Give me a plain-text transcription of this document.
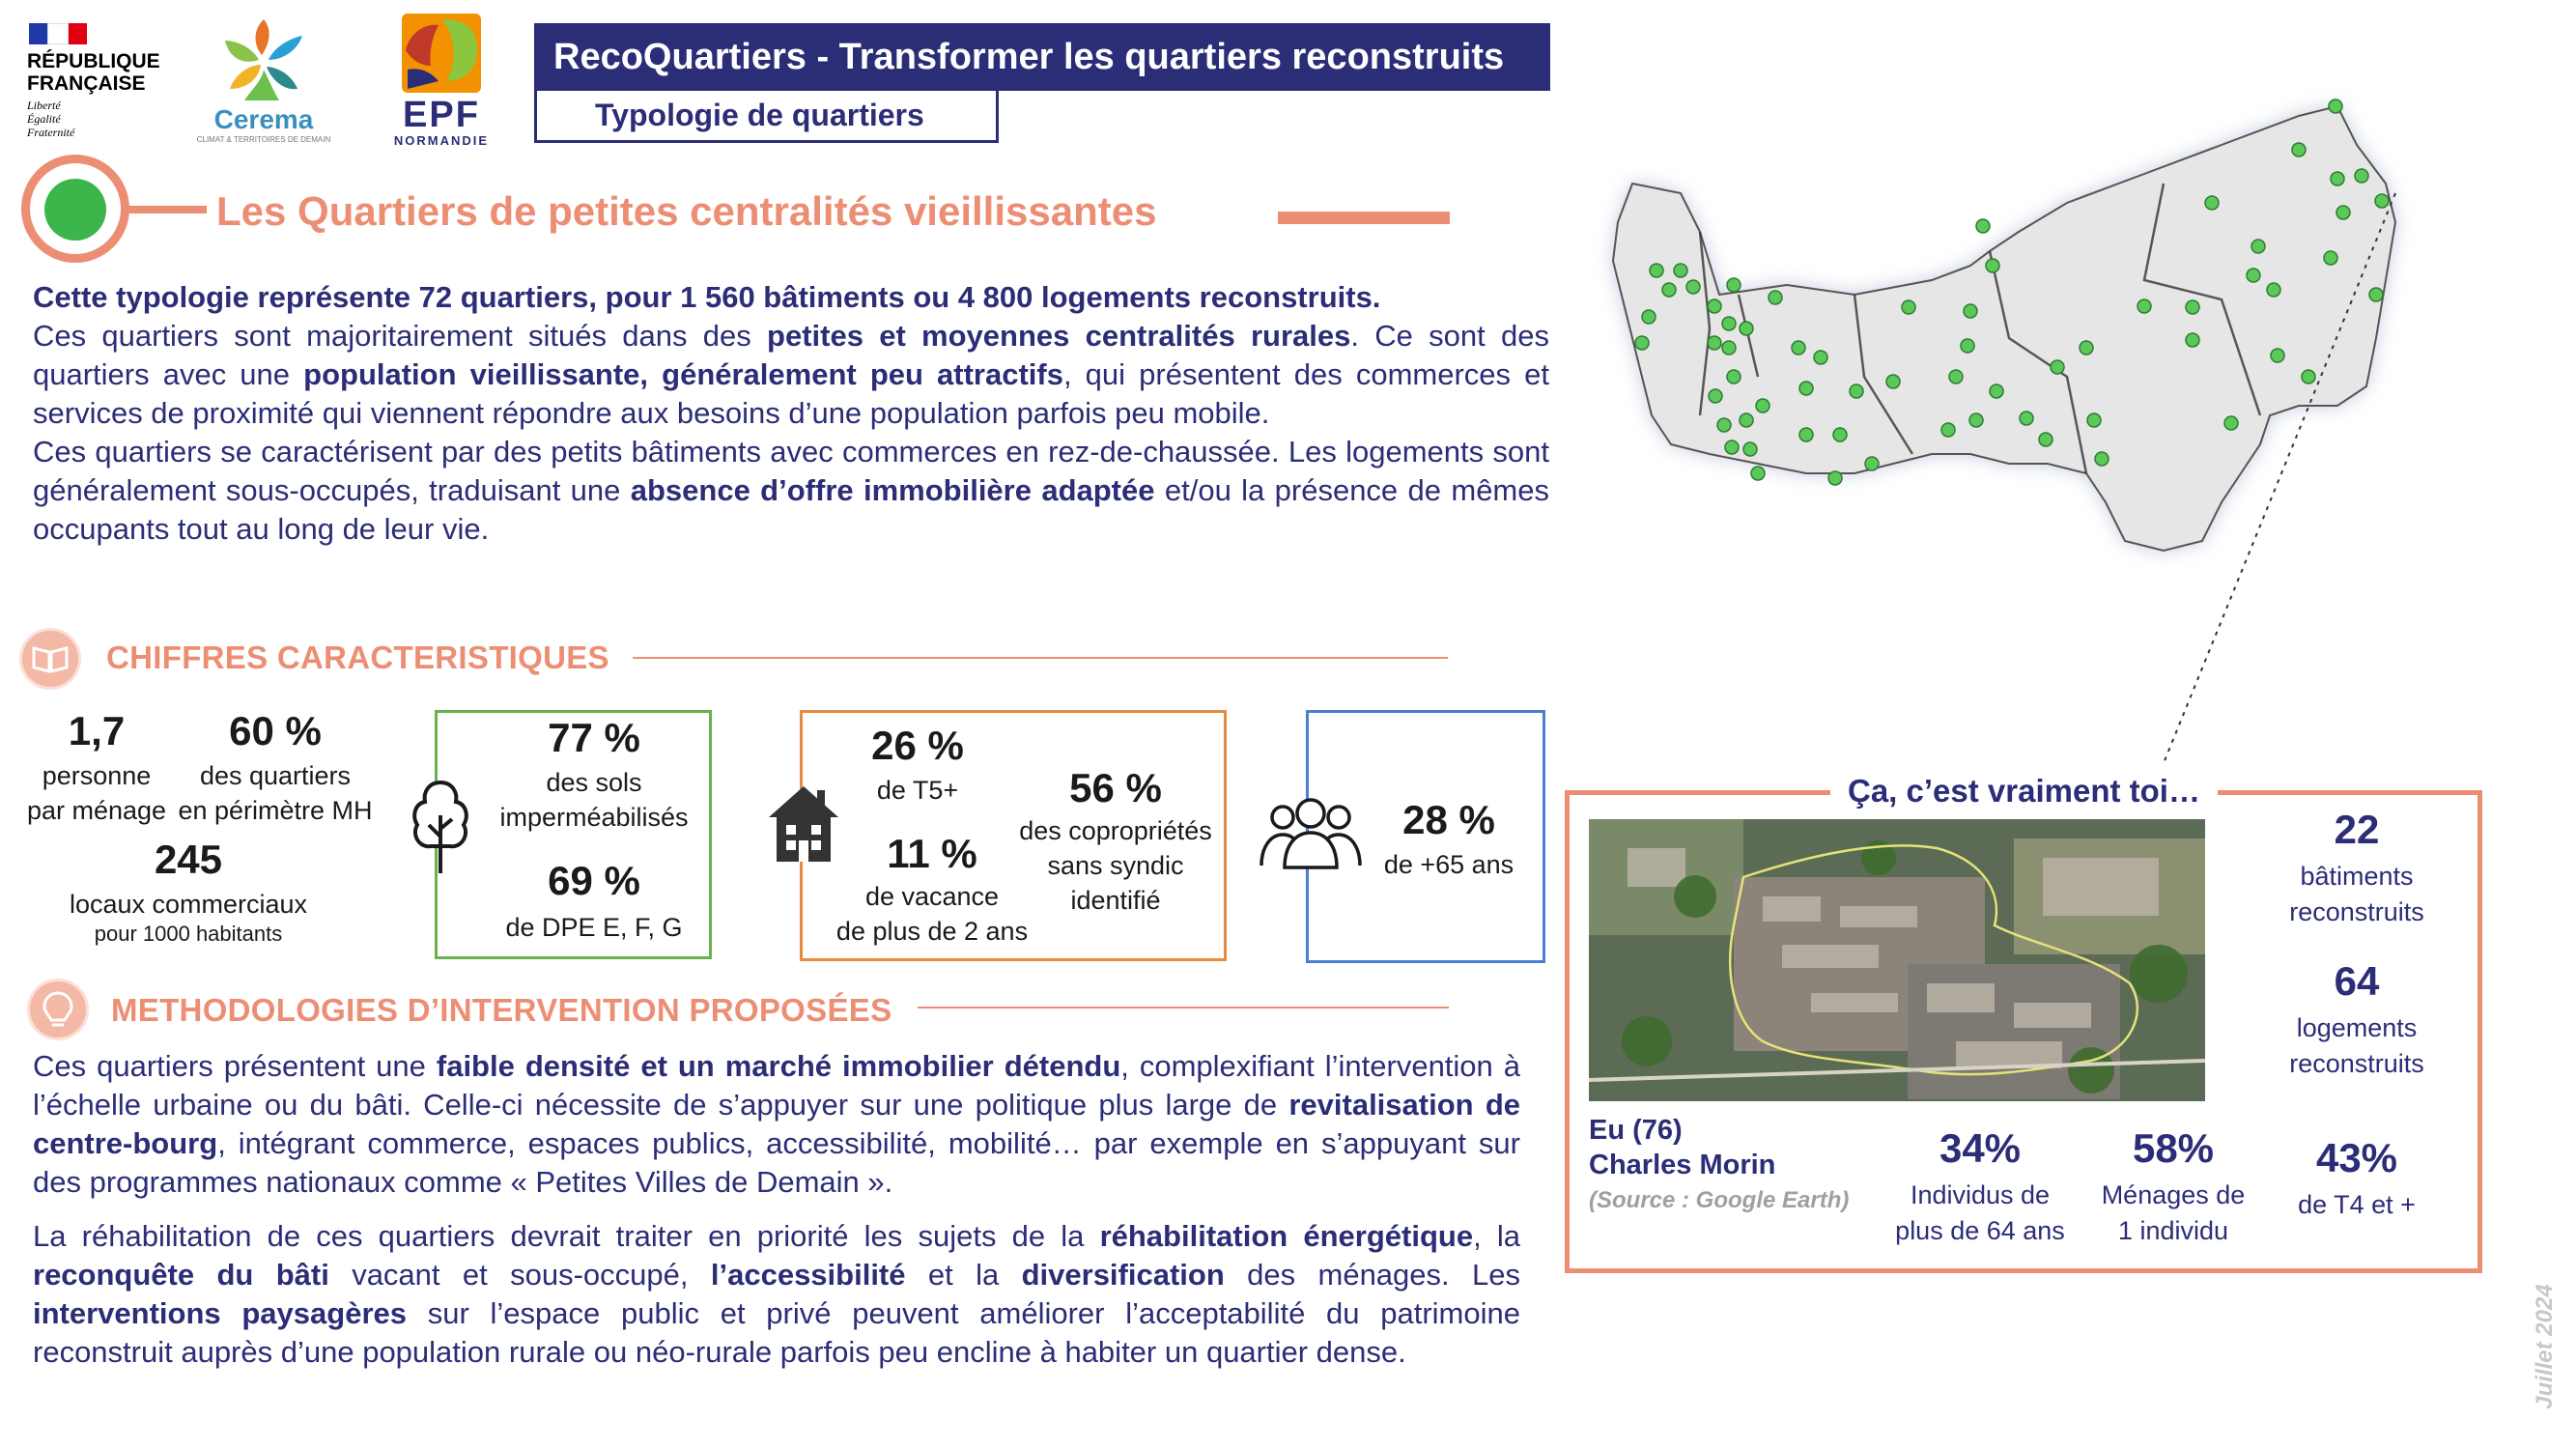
RÉPUBLIQUE
FRANÇAISE
Liberté
Égalité
Fraternité	Cerema
CLIMAT & TERRITOIRES DE DEMAIN
EPF
NORMANDIE
RecoQuartiers - Transformer les quartiers reconstruits
Typologie de quartiers
Les Quartiers de petites centralités vieillissantes
Cette typologie représente 72 quartiers, pour 1 560 bâtiments ou 4 800 logements reconstruits.
Ces quartiers sont majoritairement situés dans des petites et moyennes centralités rurales. Ce sont des quartiers avec une population vieillissante, généralement peu attractifs, qui présentent des commerces et services de proximité qui viennent répondre aux besoins d’une population parfois peu mobile.
Ces quartiers se caractérisent par des petits bâtiments avec commerces en rez-de-chaussée. Les logements sont généralement sous-occupés, traduisant une absence d’offre immobilière adaptée et/ou la présence de mêmes occupants tout au long de leur vie.
CHIFFRES CARACTERISTIQUES
1,7
personne
par ménage
60 %
des quartiers
en périmètre MH
245
locaux commerciaux
pour 1000 habitants
77 %
des sols
imperméabilisés
69 %
de DPE E, F, G
26 %
de T5+
11 %
de vacance
de plus de 2 ans
56 %
des copropriétés
sans syndic
identifié
28 %
de +65 ans
METHODOLOGIES D’INTERVENTION PROPOSÉES
Ces quartiers présentent une faible densité et un marché immobilier détendu, complexifiant l’intervention à l’échelle urbaine ou du bâti. Celle-ci nécessite de s’appuyer sur une politique plus large de revitalisation de centre-bourg, intégrant commerce, espaces publics, accessibilité, mobilité… par exemple en s’appuyant sur des programmes nationaux comme « Petites Villes de Demain ».
La réhabilitation de ces quartiers devrait traiter en priorité les sujets de la réhabilitation énergétique, la reconquête du bâti vacant et sous-occupé, l’accessibilité et la diversification des ménages. Les interventions paysagères sur l’espace public et privé peuvent améliorer l’acceptabilité du patrimoine reconstruit auprès d’une population rurale ou néo-rurale parfois peu encline à habiter un quartier dense.
Ça, c’est vraiment toi…
Eu (76)
Charles Morin
(Source : Google Earth)
22
bâtiments
reconstruits
64
logements
reconstruits
34%
Individus de
plus de 64 ans
58%
Ménages de
1 individu
43%
de T4 et +
Juillet 2024
